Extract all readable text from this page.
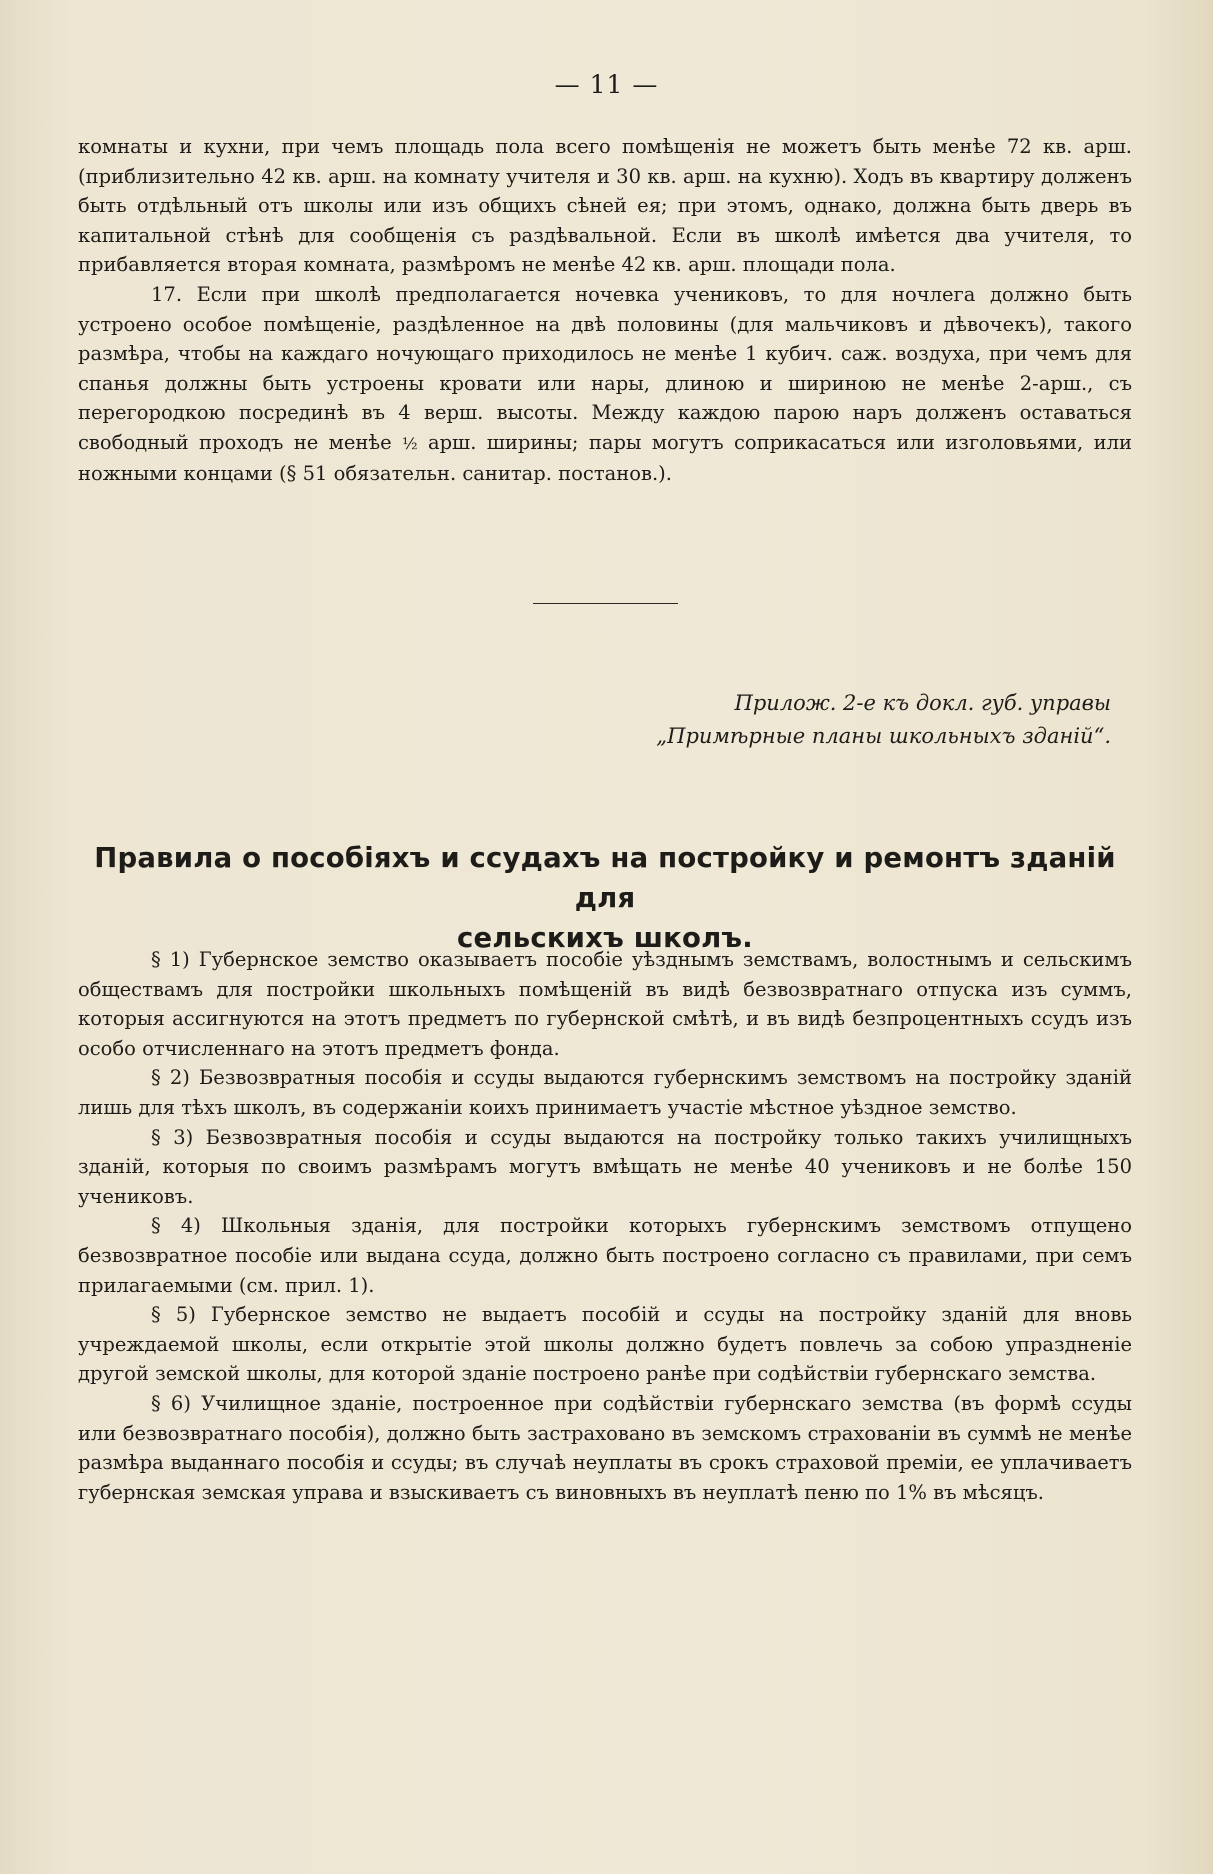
— 11 —

комнаты и кухни, при чемъ площадь пола всего помѣщенія не можетъ быть менѣе 72 кв. арш. (приблизительно 42 кв. арш. на комнату учителя и 30 кв. арш. на кухню). Ходъ въ квартиру долженъ быть отдѣльный отъ школы или изъ общихъ сѣней ея; при этомъ, однако, должна быть дверь въ капитальной стѣнѣ для сообщенія съ раздѣвальной. Если въ школѣ имѣется два учителя, то прибавляется вторая комната, размѣромъ не менѣе 42 кв. арш. площади пола.

17. Если при школѣ предполагается ночевка учениковъ, то для ночлега должно быть устроено особое помѣщеніе, раздѣленное на двѣ половины (для мальчиковъ и дѣвочекъ), такого размѣра, чтобы на каждаго ночующаго приходилось не менѣе 1 кубич. саж. воздуха, при чемъ для спанья должны быть устроены кровати или нары, длиною и шириною не менѣе 2-арш., съ перегородкою посрединѣ въ 4 верш. высоты. Между каждою парою наръ долженъ оставаться свободный проходъ не менѣе ½ арш. ширины; пары могутъ соприкасаться или изголовьями, или ножными концами (§ 51 обязательн. санитар. постанов.).

Прилож. 2-е къ докл. губ. управы
„Примѣрные планы школьныхъ зданій“.
Правила о пособіяхъ и ссудахъ на постройку и ремонтъ зданій для
сельскихъ школъ.

§ 1) Губернское земство оказываетъ пособіе уѣзднымъ земствамъ, волостнымъ и сельскимъ обществамъ для постройки школьныхъ помѣщеній въ видѣ безвозвратнаго отпуска изъ суммъ, которыя ассигнуются на этотъ предметъ по губернской смѣтѣ, и въ видѣ безпроцентныхъ ссудъ изъ особо отчисленнаго на этотъ предметъ фонда.

§ 2) Безвозвратныя пособія и ссуды выдаются губернскимъ земствомъ на постройку зданій лишь для тѣхъ школъ, въ содержаніи коихъ принимаетъ участіе мѣстное уѣздное земство.

§ 3) Безвозвратныя пособія и ссуды выдаются на постройку только такихъ училищныхъ зданій, которыя по своимъ размѣрамъ могутъ вмѣщать не менѣе 40 учениковъ и не болѣе 150 учениковъ.

§ 4) Школьныя зданія, для постройки которыхъ губернскимъ земствомъ отпущено безвозвратное пособіе или выдана ссуда, должно быть построено согласно съ правилами, при семъ прилагаемыми (см. прил. 1).

§ 5) Губернское земство не выдаетъ пособій и ссуды на постройку зданій для вновь учреждаемой школы, если открытіе этой школы должно будетъ повлечь за собою упраздненіе другой земской школы, для которой зданіе построено ранѣе при содѣйствіи губернскаго земства.

§ 6) Училищное зданіе, построенное при содѣйствіи губернскаго земства (въ формѣ ссуды или безвозвратнаго пособія), должно быть застраховано въ земскомъ страхованіи въ суммѣ не менѣе размѣра выданнаго пособія и ссуды; въ случаѣ неуплаты въ срокъ страховой преміи, ее уплачиваетъ губернская земская управа и взыскиваетъ съ виновныхъ въ неуплатѣ пеню по 1% въ мѣсяцъ.
